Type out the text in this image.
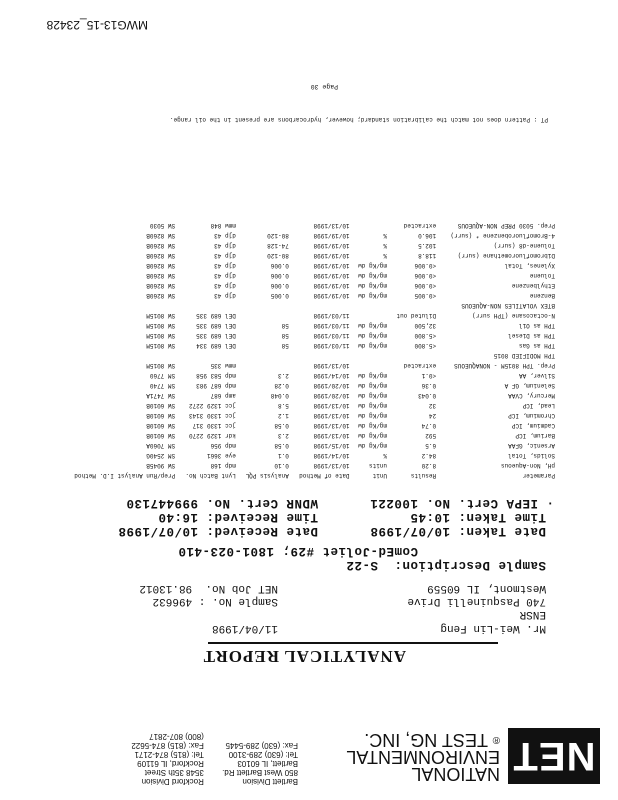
NET
NATIONAL
ENVIRONMENTAL
® TEST NG, INC.
Bartlett Division
850 West Bartlett Rd.
Bartlett, IL 60103
Tel: (630) 289-3100
Fax: (630) 289-5445

Rockford Division
3548 35th Street
Rockford, IL 61109
Tel: (815) 874-2171
Fax: (815) 874-5622
(800) 807-2817
ANALYTICAL REPORT
Mr. Wei-Lin Feng
11/04/1998
ENSR
740 Pasquinelli Drive
Sample No. : 496632
Westmont, IL 60559
NET Job No.  98.13012
Sample Description:  S-22
ComEd-Joliet #29; 1801-023-410
Date Taken: 10/07/1998
Date Received: 10/07/1998
Time Taken: 10:45
Time Received: 16:40
· IEPA Cert. No. 100221
WDNR Cert. No. 999447130
Parameter	Results	Unit	Date of Method	Analysis PQL	Lynt Batch No.	Prep/Run Analyst I.D. Method
pH, Non-Aqueous	8.20	units	10/13/1998	0.10	mdp 168	SW 9045B
Solids, Total	84.2	%	10/14/1998	0.1	eye 3661	SM 2540G

Arsenic, GFAA	6.5	mg/Kg dw	10/15/1998	0.58	mdp 956	SM 7060A
Barium, ICP	592	mg/Kg dw	10/13/1998	2.3	kdr 1329 2270	SW 6010B
Cadmium, ICP	0.74	mg/Kg dw	10/13/1998	0.58	jcc 1330 317	SW 6010B
Chromium, ICP	24	mg/Kg dw	10/13/1998	1.2	jcc 1330 3143	SW 6010B
Lead, ICP	32	mg/Kg dw	10/13/1998	5.8	jcc 1329 2272	SW 6010B
Mercury, CVAA	0.043	mg/Kg dw	10/20/1998	0.048	amp 687	SW 7471A
Selenium, GF A	0.36	mg/Kg dw	10/20/1998	0.28	mdp 687 983	SM 7740
Silver, AA	<0.1	mg/Kg dw	10/14/1998	2.3	mdp 583 958	SM 7760

Prep. TPH 8015M - NONAQUEOUS	extracted		10/13/1998		mmw 335	SW 8015M
TPH MODIFIED 8015						
TPH as Gas	<5.800	mg/Kg dw	11/03/1998	58	DEl 689 334	SW 8015M
TPH as Diesel	<5.800	mg/Kg dw	11/03/1998	58	DEl 689 335	SW 8015M
TPH as Oil	32,500	mg/Kg dw	11/03/1998	58	DEl 689 335	SW 8015M
N-octacosane (TPH surr)	Diluted out		11/03/1998		DEl 689 335	SW 8015M
BTEX VOLATILES NON-AQUEOUS						
Benzene	<0.005	mg/Kg dw	10/19/1998	0.005	djp 43	SW 8260B
Ethylbenzene	<0.006	mg/Kg dw	10/19/1998	0.006	djp 43	SW 8260B
Toluene	<0.006	mg/Kg dw	10/19/1998	0.006	djp 43	SW 8260B
Xylenes, Total	<0.006	mg/Kg dw	10/19/1998	0.006	djp 43	SW 8260B
Dibromofluoromethane (surr)	118.8	%	10/19/1998	80-120	djp 43	SW 8260B
Toluene-d8 (surr)	102.5	%	10/19/1998	74-128	djp 43	SW 8260B
4-Bromofluorobenzene * (surr)	106.0	%	10/19/1998	80-120	djp 43	SW 8260B

Prep. 5030 PREP NON-AQUEOUS	extracted		10/13/1998		mmw 848	SW 5030
PT : Pattern does not match the calibration standard; however, hydrocarbons are present in the oil range.
Page 30
MWG13-15_23428
